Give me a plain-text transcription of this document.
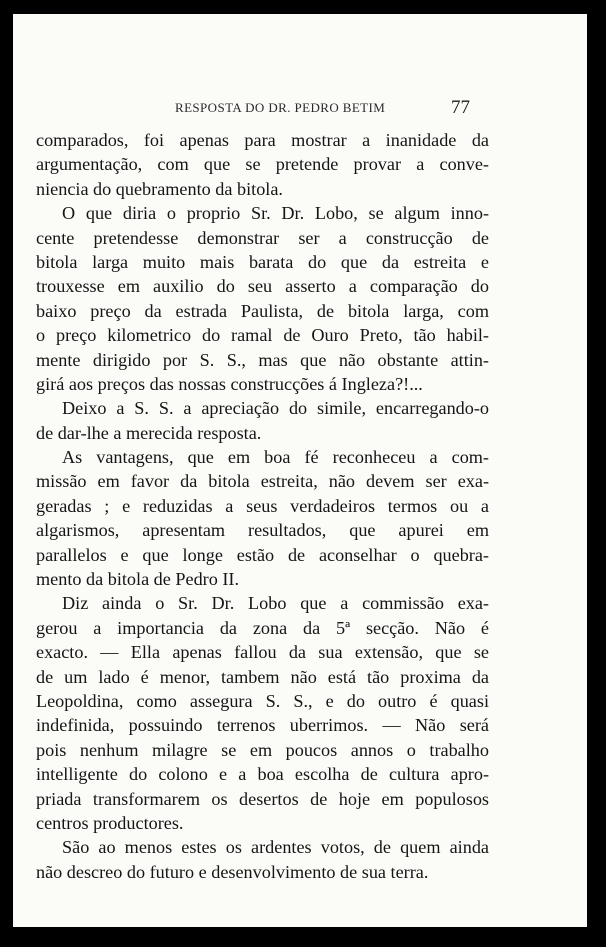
RESPOSTA DO DR. PEDRO BETIM	77
comparados, foi apenas para mostrar a inanidade da
argumentação, com que se pretende provar a conve-
niencia do quebramento da bitola.
O que diria o proprio Sr. Dr. Lobo, se algum inno-
cente pretendesse demonstrar ser a construcção de
bitola larga muito mais barata do que da estreita e
trouxesse em auxilio do seu asserto a comparação do
baixo preço da estrada Paulista, de bitola larga, com
o preço kilometrico do ramal de Ouro Preto, tão habil-
mente dirigido por S. S., mas que não obstante attin-
girá aos preços das nossas construcções á Ingleza?!...
Deixo a S. S. a apreciação do simile, encarregando-o
de dar-lhe a merecida resposta.
As vantagens, que em boa fé reconheceu a com-
missão em favor da bitola estreita, não devem ser exa-
geradas ; e reduzidas a seus verdadeiros termos ou a
algarismos, apresentam resultados, que apurei em
parallelos e que longe estão de aconselhar o quebra-
mento da bitola de Pedro II.
Diz ainda o Sr. Dr. Lobo que a commissão exa-
gerou a importancia da zona da 5ª secção. Não é
exacto. — Ella apenas fallou da sua extensão, que se
de um lado é menor, tambem não está tão proxima da
Leopoldina, como assegura S. S., e do outro é quasi
indefinida, possuindo terrenos uberrimos. — Não será
pois nenhum milagre se em poucos annos o trabalho
intelligente do colono e a boa escolha de cultura apro-
priada transformarem os desertos de hoje em populosos
centros productores.
São ao menos estes os ardentes votos, de quem ainda
não descreo do futuro e desenvolvimento de sua terra.
